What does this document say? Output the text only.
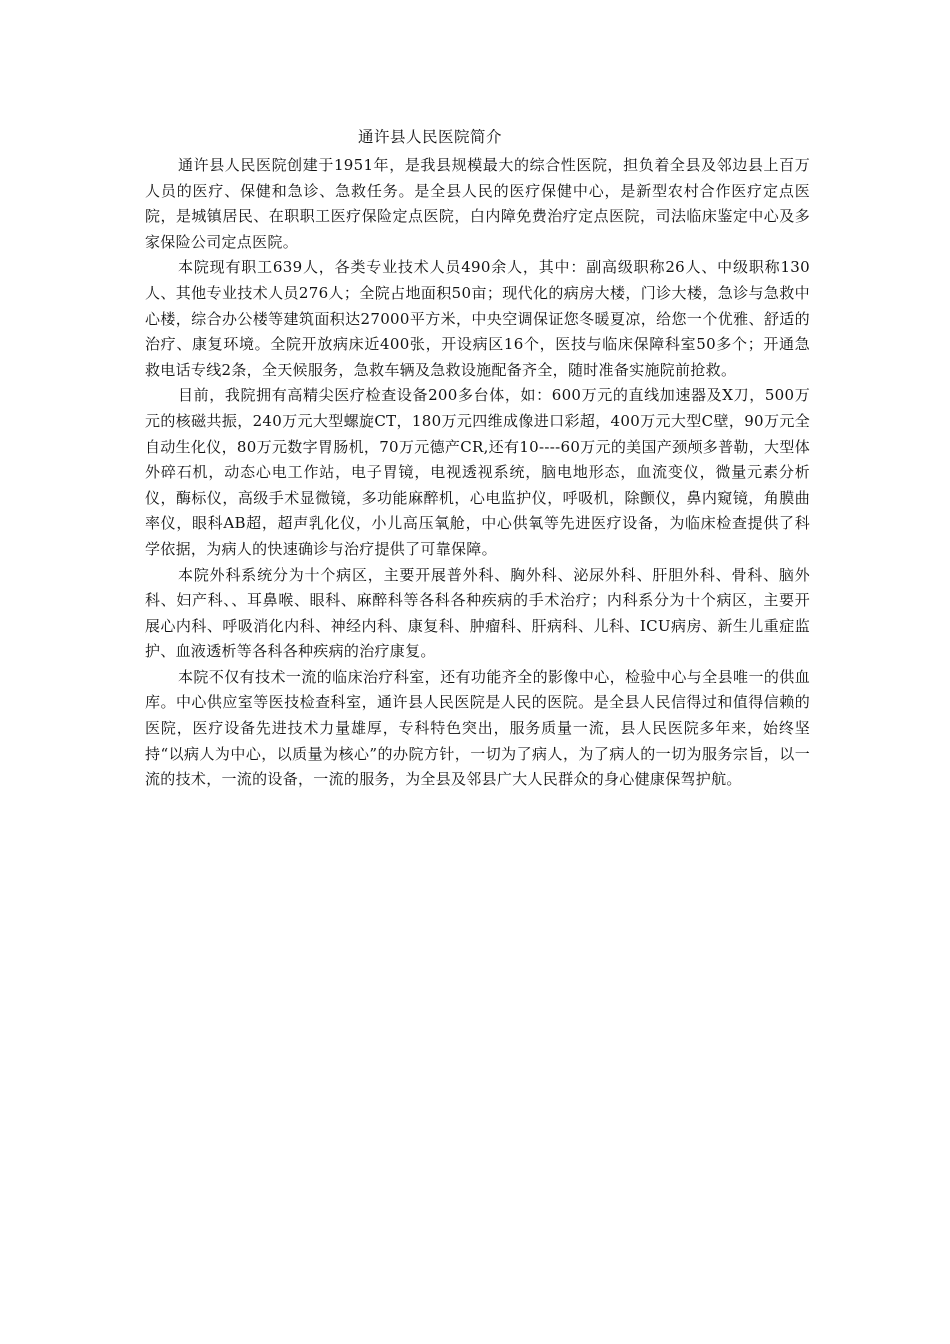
通许县人民医院简介

通许县人民医院创建于1951年，是我县规模最大的综合性医院，担负着全县及邻边县上百万人员的医疗、保健和急诊、急救任务。是全县人民的医疗保健中心，是新型农村合作医疗定点医院，是城镇居民、在职职工医疗保险定点医院，白内障免费治疗定点医院，司法临床鉴定中心及多家保险公司定点医院。

本院现有职工639人，各类专业技术人员490余人，其中：副高级职称26人、中级职称130人、其他专业技术人员276人；全院占地面积50亩；现代化的病房大楼，门诊大楼，急诊与急救中心楼，综合办公楼等建筑面积达27000平方米，中央空调保证您冬暖夏凉，给您一个优雅、舒适的治疗、康复环境。全院开放病床近400张，开设病区16个，医技与临床保障科室50多个；开通急救电话专线2条，全天候服务，急救车辆及急救设施配备齐全，随时准备实施院前抢救。

目前，我院拥有高精尖医疗检查设备200多台体，如：600万元的直线加速器及X刀，500万元的核磁共振，240万元大型螺旋CT，180万元四维成像进口彩超，400万元大型C壁，90万元全自动生化仪，80万元数字胃肠机，70万元德产CR,还有10----60万元的美国产颈颅多普勒，大型体外碎石机，动态心电工作站，电子胃镜，电视透视系统，脑电地形态，血流变仪，微量元素分析仪，酶标仪，高级手术显微镜，多功能麻醉机，心电监护仪，呼吸机，除颤仪，鼻内窥镜，角膜曲率仪，眼科AB超，超声乳化仪，小儿高压氧舱，中心供氧等先进医疗设备，为临床检查提供了科学依据，为病人的快速确诊与治疗提供了可靠保障。

本院外科系统分为十个病区，主要开展普外科、胸外科、泌尿外科、肝胆外科、骨科、脑外科、妇产科、、耳鼻喉、眼科、麻醉科等各科各种疾病的手术治疗；内科系分为十个病区，主要开展心内科、呼吸消化内科、神经内科、康复科、肿瘤科、肝病科、儿科、ICU病房、新生儿重症监护、血液透析等各科各种疾病的治疗康复。

本院不仅有技术一流的临床治疗科室，还有功能齐全的影像中心，检验中心与全县唯一的供血库。中心供应室等医技检查科室，通许县人民医院是人民的医院。是全县人民信得过和值得信赖的医院，医疗设备先进技术力量雄厚，专科特色突出，服务质量一流，县人民医院多年来，始终坚持“以病人为中心，以质量为核心”的办院方针，一切为了病人，为了病人的一切为服务宗旨，以一流的技术，一流的设备，一流的服务，为全县及邻县广大人民群众的身心健康保驾护航。
